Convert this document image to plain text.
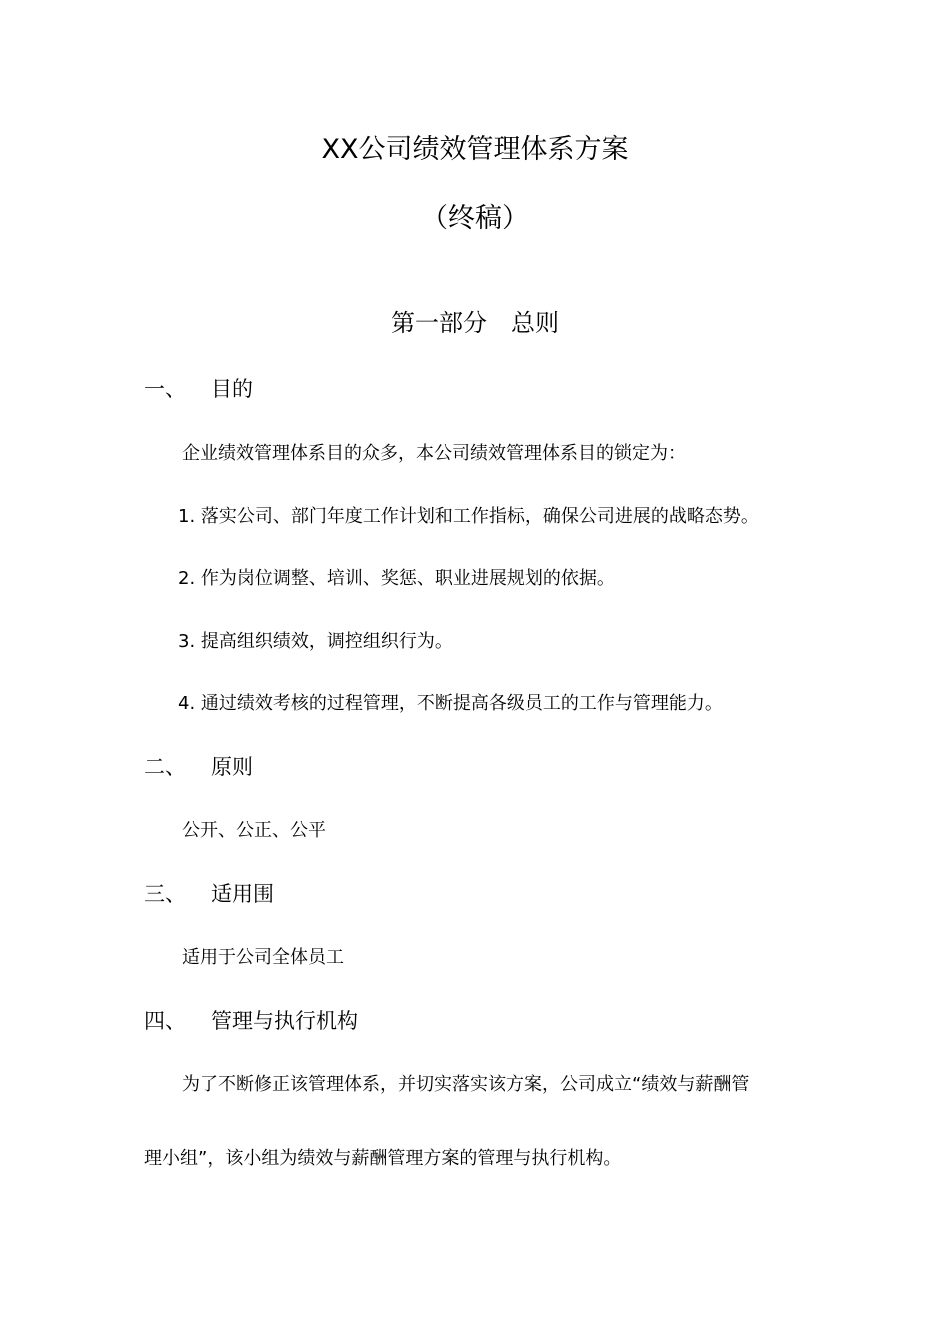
XX公司绩效管理体系方案
（终稿）
第一部分　总则
一、 目的
企业绩效管理体系目的众多，本公司绩效管理体系目的锁定为：
1. 落实公司、部门年度工作计划和工作指标，确保公司进展的战略态势。
2. 作为岗位调整、培训、奖惩、职业进展规划的依据。
3. 提高组织绩效，调控组织行为。
4. 通过绩效考核的过程管理，不断提高各级员工的工作与管理能力。
二、 原则
公开、公正、公平
三、 适用围
适用于公司全体员工
四、 管理与执行机构
为了不断修正该管理体系，并切实落实该方案，公司成立“绩效与薪酬管
理小组”，该小组为绩效与薪酬管理方案的管理与执行机构。
